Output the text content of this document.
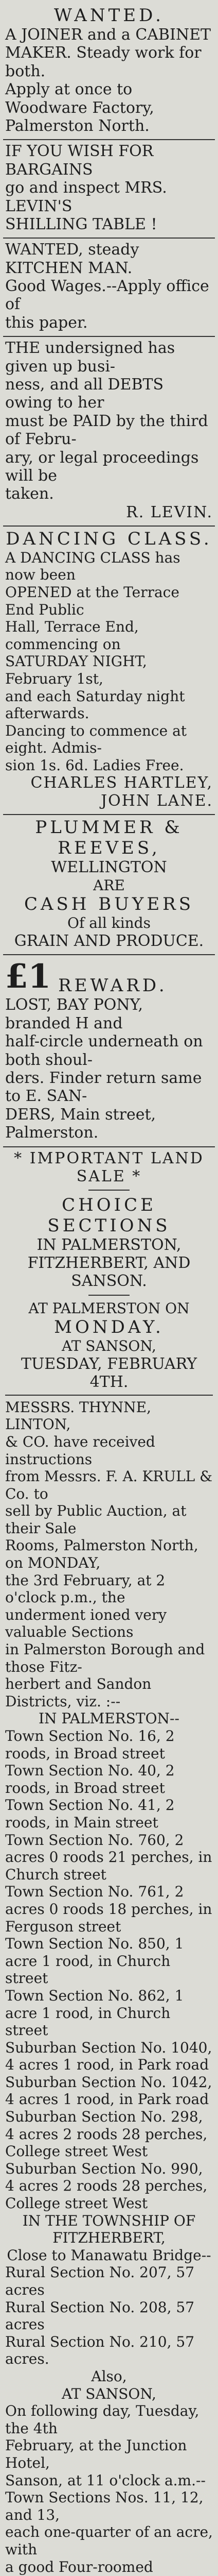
WANTED.
A JOINER and a CABINET
MAKER. Steady work for both.
Apply at once to Woodware Factory,
Palmerston North.
IF YOU WISH FOR BARGAINS
go and inspect MRS. LEVIN'S
SHILLING TABLE !
WANTED, steady KITCHEN MAN.
Good Wages.--Apply office of
this paper.
THE undersigned has given up busi-
ness, and all DEBTS owing to her
must be PAID by the third of Febru-
ary, or legal proceedings will be
taken.
R. LEVIN.
DANCING CLASS.
A DANCING CLASS has now been
OPENED at the Terrace End Public
Hall, Terrace End, commencing on
SATURDAY NIGHT, February 1st,
and each Saturday night afterwards.
Dancing to commence at eight. Admis-
sion 1s. 6d. Ladies Free.
CHARLES HARTLEY,
JOHN LANE.
PLUMMER & REEVES,
WELLINGTON
ARE
CASH BUYERS
Of all kinds
GRAIN AND PRODUCE.
£1 REWARD.
LOST, BAY PONY, branded H and
half-circle underneath on both shoul-
ders. Finder return same to E. SAN-
DERS, Main street, Palmerston.
* IMPORTANT LAND SALE *
CHOICE SECTIONS
IN PALMERSTON, FITZHERBERT, AND SANSON.
AT PALMERSTON ON
MONDAY.
AT SANSON,
TUESDAY, FEBRUARY 4TH.
MESSRS. THYNNE, LINTON,
& CO. have received instructions
from Messrs. F. A. KRULL & Co. to
sell by Public Auction, at their Sale
Rooms, Palmerston North, on MONDAY,
the 3rd February, at 2 o'clock p.m., the
underment ioned very valuable Sections
in Palmerston Borough and those Fitz-
herbert and Sandon Districts, viz. :--
IN PALMERSTON--
Town Section No. 16, 2 roods, in Broad street
Town Section No. 40, 2 roods, in Broad street
Town Section No. 41, 2 roods, in Main street
Town Section No. 760, 2 acres 0 roods 21 perches, in Church street
Town Section No. 761, 2 acres 0 roods 18 perches, in Ferguson street
Town Section No. 850, 1 acre 1 rood, in Church street
Town Section No. 862, 1 acre 1 rood, in Church street
Suburban Section No. 1040, 4 acres 1 rood, in Park road
Suburban Section No. 1042, 4 acres 1 rood, in Park road
Suburban Section No. 298, 4 acres 2 roods 28 perches, College street West
Suburban Section No. 990, 4 acres 2 roods 28 perches, College street West
IN THE TOWNSHIP OF FITZHERBERT,
Close to Manawatu Bridge--
Rural Section No. 207, 57 acres
Rural Section No. 208, 57 acres
Rural Section No. 210, 57 acres.
Also,
AT SANSON,
On following day, Tuesday, the 4th
February, at the Junction Hotel,
Sanson, at 11 o'clock a.m.--
Town Sections Nos. 11, 12, and 13,
each one-quarter of an acre, with
a good Four-roomed
